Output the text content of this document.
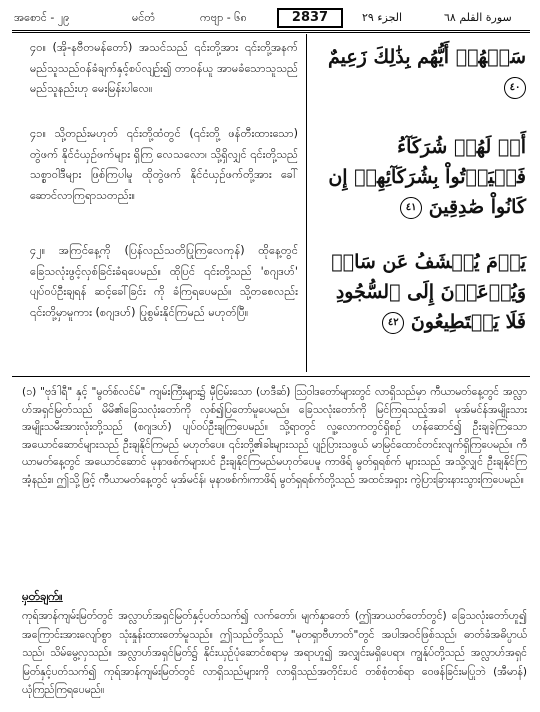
အစောင် - ၂၉	မင်တံ	ကဗျာ - ၆၈	2837	الجزء ٢٩	سورة القلم ٦٨
၄၀။ (အို-နဗီတမန်တော်) အသင်သည် ၎င်းတို့အား ၎င်းတို့အနက် မည်သူသည်ဝန်ခံချက်နှင့်စပ်လျဉ်း၍ တာဝန်ယူ အာမခံသောသူသည် မည်သူနည်းဟု မေးမြန်းပါလေ။
سَلۡهُمۡ أَيُّهُم بِذَٰلِكَ زَعِيمٌ ٤٠
၄၁။ သို့တည်းမဟုတ် ၎င်းတို့ထံတွင် (၎င်းတို့ ဖန်တီးထားသော) တွဲဖက် နိုင်ငံယှဉ်ဖက်များ ရှိကြ လေသလော၊ သို့ရှိလျှင် ၎င်းတို့သည် သစ္စာဝါဒီများ ဖြစ်ကြပါမူ ထိုတွဲဖက် နိုင်ငံယှဉ်ဖက်တို့အား ခေါ် ဆောင်လာကြရာသတည်း။
أَمۡ لَهُمۡ شُرَكَآءُ فَلۡيَأۡتُواْ بِشُرَكَآئِهِمۡ إِن كَانُواْ صَٰدِقِينَ ٤١
၄၂။ အကြင်နေ့ကို (ပြန်လည်သတိပြုကြလေကုန်) ထိုနေ့တွင် ခြေသလုံးဖွင့်လှစ်ခြင်းခံရပေမည်။ ထိုပြင် ၎င်းတို့သည် 'စဂျဒဟ်' ပျပ်ဝပ်ဦးချရန် ဆင့်ခေါ်ခြင်း ကို ခံကြရပေမည်။ သို့တစေလည်း ၎င်းတို့မှာမူကား (စဂျဒဟ်) ပြုစွမ်းနိုင်ကြမည် မဟုတ်ပြီ။
يَوۡمَ يُكۡشَفُ عَن سَاقٖ وَيُدۡعَوۡنَ إِلَى ٱلسُّجُودِ فَلَا يَسۡتَطِيعُونَ ٤٢
(၁) "ဗုဒ်ါရီ" နှင့် "မွတ်စ်လင်မ်" ကျမ်းကြီးများ၌ မှီငြမ်းသော (ဟဒီဆ်) ဩဝါဒတော်များတွင် လာရှိသည်မှာ ကီယာမတ်နေ့တွင် အလ္လာဟ်အရှင်မြတ်သည် မိမိ၏ခြေသလုံးတော်ကို လှစ်၍ပြတော်မူပေမည်။ ခြေသလုံးတော်ကို မြင်ကြရသည့်အခါ မုအ်မင်န်အမျိုးသားအမျိုးသမီးအားလုံးတို့သည် (စဂျဒဟ်) ပျပ်ဝပ်ဦးချကြပေမည်။ သို့ရာတွင် လူ့လောကတွင်ရှိစဉ် ဟန်ဆောင်၍ ဦးချခဲ့ကြသော အယောင်ဆောင်များသည် ဦးချနိုင်ကြမည် မဟုတ်ပေ။ ၎င်းတို့၏ခါးများသည် ပျဉ်ပြားသဖွယ် မာမြင်ထောင်တင်းလျက်ရှိကြပေမည်။ ကီယာမတ်နေ့တွင် အယောင်ဆောင် မုနာဖစ်က်များပင် ဦးချနိုင်ကြမည်မဟုတ်ပေမူ ကာဖိရ် မွတ်ရှရစ်က် များသည် အသို့လျှင် ဦးချနိုင်ကြအံ့နည်း။ ဤသို့ဖြင့် ကီယာမတ်နေ့တွင် မုအ်မင်န်၊ မုနာဖစ်က်၊ကာဖိရ် မွတ်ရှရစ်က်တို့သည် အထင်အရှား ကွဲပြားခြားနားသွားကြပေမည်။
မှတ်ချက်။
ကုရ်အာန်ကျမ်းမြတ်တွင် အလ္လာဟ်အရှင်မြတ်နှင့်ပတ်သက်၍ လက်တော်၊ မျက်နှာတော် (ဤအာယတ်တော်တွင်) ခြေသလုံးတော်ဟူ၍ အကြောင်းအားလျော်စွာ သုံးနှုန်းထားတော်မူသည်။ ဤသည်တို့သည် "မုတရှာဗီဟာတ်"တွင် အပါအဝင်ဖြစ်သည်၊ ဓာတ်ခံအဓိပ္ပာယ်သည်၊ သိမ်မွေ့လှသည်။ အလ္လာဟ်အရှင်မြတ်၌ နိုင်းယှဉ်ပုံဆောင်စရာမှ အရာဟူ၍ အလျှင်းမရှိပေရာ၊ ကျွန်ုပ်တို့သည် အလ္လာဟ်အရှင်မြတ်နှင့်ပတ်သက်၍ ကုရ်အာန်ကျမ်းမြတ်တွင် လာရှိသည်များကို လာရှိသည်အတိုင်းပင် တစ်စုံတစ်ရာ ဝေဖန်ခြင်းမပြုဘဲ (အီမာန်) ယုံကြည်ကြရပေမည်။
